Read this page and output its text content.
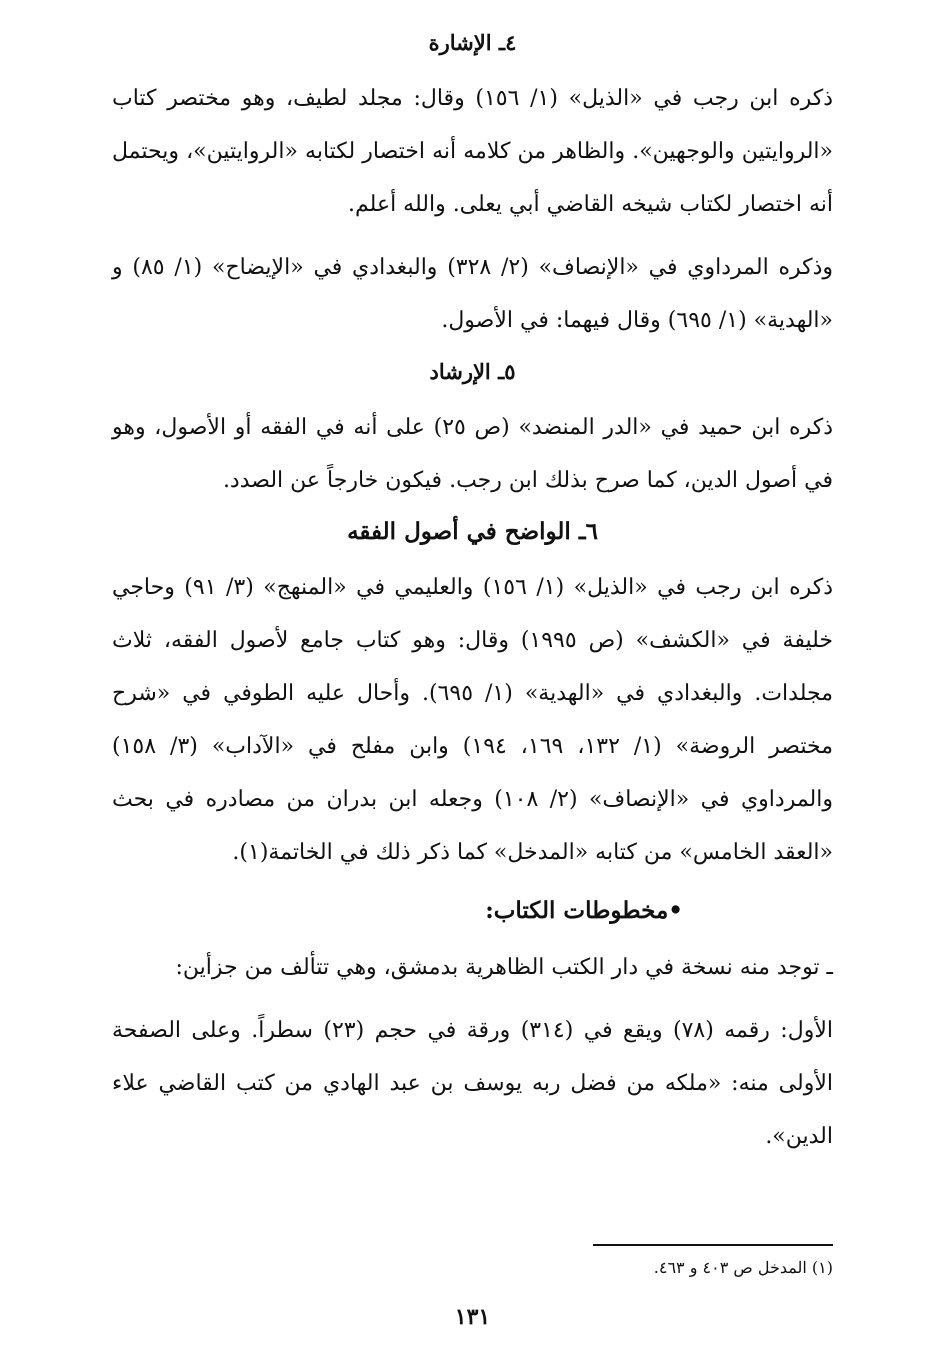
٤ـ الإشارة

ذكره ابن رجب في «الذيل» (١/ ١٥٦) وقال: مجلد لطيف، وهو مختصر كتاب «الروايتين والوجهين». والظاهر من كلامه أنه اختصار لكتابه «الروايتين»، ويحتمل أنه اختصار لكتاب شيخه القاضي أبي يعلى. والله أعلم.

وذكره المرداوي في «الإنصاف» (٢/ ٣٢٨) والبغدادي في «الإيضاح» (١/ ٨٥) و «الهدية» (١/ ٦٩٥) وقال فيهما: في الأصول.

٥ـ الإرشاد

ذكره ابن حميد في «الدر المنضد» (ص ٢٥) على أنه في الفقه أو الأصول، وهو في أصول الدين، كما صرح بذلك ابن رجب. فيكون خارجاً عن الصدد.

٦ـ الواضح في أصول الفقه

ذكره ابن رجب في «الذيل» (١/ ١٥٦) والعليمي في «المنهج» (٣/ ٩١) وحاجي خليفة في «الكشف» (ص ١٩٩٥) وقال: وهو كتاب جامع لأصول الفقه، ثلاث مجلدات. والبغدادي في «الهدية» (١/ ٦٩٥). وأحال عليه الطوفي في «شرح مختصر الروضة» (١/ ١٣٢، ١٦٩، ١٩٤) وابن مفلح في «الآداب» (٣/ ١٥٨) والمرداوي في «الإنصاف» (٢/ ١٠٨) وجعله ابن بدران من مصادره في بحث «العقد الخامس» من كتابه «المدخل» كما ذكر ذلك في الخاتمة(١).

•مخطوطات الكتاب:

ـ توجد منه نسخة في دار الكتب الظاهرية بدمشق، وهي تتألف من جزأين:

الأول: رقمه (٧٨) ويقع في (٣١٤) ورقة في حجم (٢٣) سطراً. وعلى الصفحة الأولى منه: «ملكه من فضل ربه يوسف بن عبد الهادي من كتب القاضي علاء الدين».

(١) المدخل ص ٤٠٣ و ٤٦٣.
١٣١
